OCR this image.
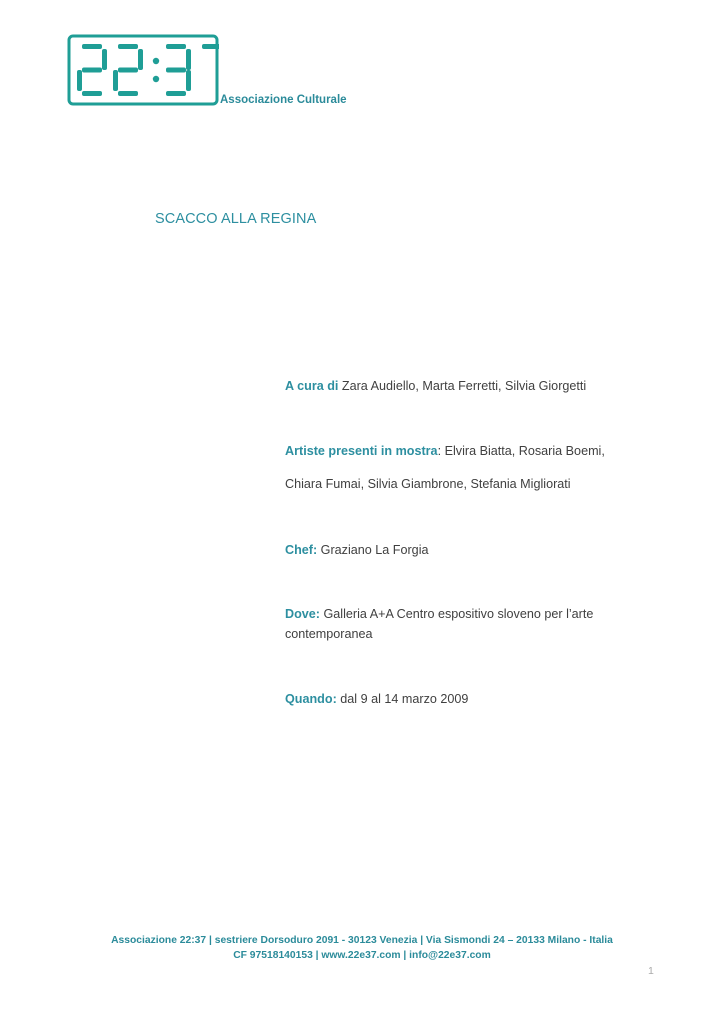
Associazione Culturale
SCACCO ALLA REGINA
A cura di Zara Audiello, Marta Ferretti, Silvia Giorgetti
Artiste presenti in mostra: Elvira Biatta, Rosaria Boemi,
Chiara Fumai, Silvia Giambrone, Stefania Migliorati
Chef: Graziano La Forgia
Dove: Galleria A+A Centro espositivo sloveno per l’arte
contemporanea
Quando: dal 9 al 14 marzo 2009
Associazione 22:37 | sestriere Dorsoduro 2091 - 30123 Venezia | Via Sismondi 24 – 20133 Milano - Italia
CF 97518140153 | www.22e37.com | info@22e37.com
1
